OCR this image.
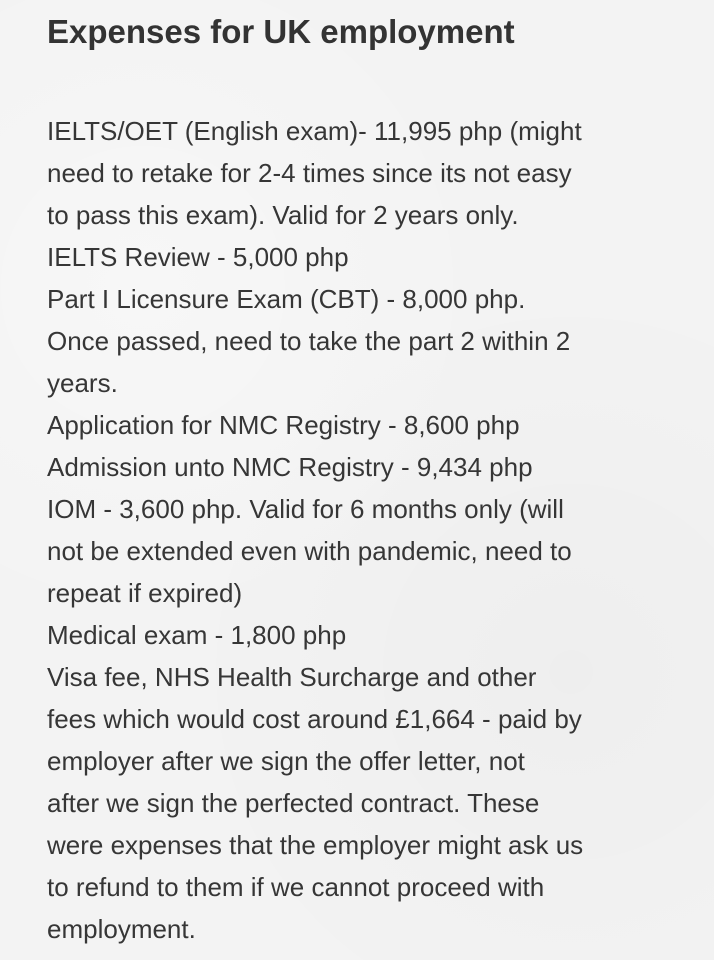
Expenses for UK employment
IELTS/OET (English exam)- 11,995 php (might
need to retake for 2-4 times since its not easy
to pass this exam). Valid for 2 years only.
IELTS Review - 5,000 php
Part I Licensure Exam (CBT) - 8,000 php.
Once passed, need to take the part 2 within 2
years.
Application for NMC Registry - 8,600 php
Admission unto NMC Registry - 9,434 php
IOM - 3,600 php. Valid for 6 months only (will
not be extended even with pandemic, need to
repeat if expired)
Medical exam - 1,800 php
Visa fee, NHS Health Surcharge and other
fees which would cost around £1,664 - paid by
employer after we sign the offer letter, not
after we sign the perfected contract. These
were expenses that the employer might ask us
to refund to them if we cannot proceed with
employment.
